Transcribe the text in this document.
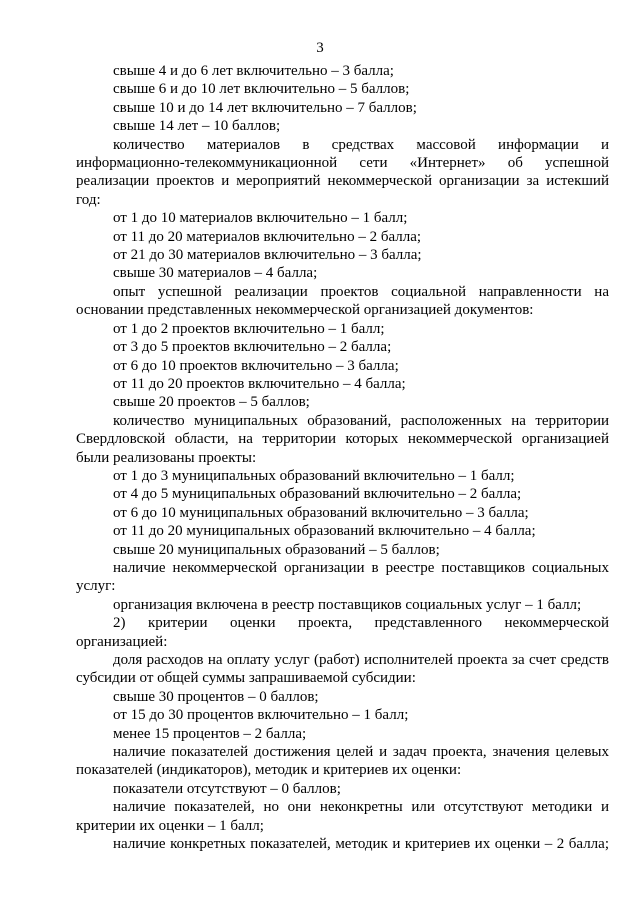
3

свыше 4 и до 6 лет включительно – 3 балла;

свыше 6 и до 10 лет включительно – 5 баллов;

свыше 10 и до 14 лет включительно – 7 баллов;

свыше 14 лет – 10 баллов;

количество материалов в средствах массовой информации и информационно-телекоммуникационной сети «Интернет» об успешной реализации проектов и мероприятий некоммерческой организации за истекший год:

от 1 до 10 материалов включительно – 1 балл;

от 11 до 20 материалов включительно – 2 балла;

от 21 до 30 материалов включительно – 3 балла;

свыше 30 материалов – 4 балла;

опыт успешной реализации проектов социальной направленности на основании представленных некоммерческой организацией документов:

от 1 до 2 проектов включительно – 1 балл;

от 3 до 5 проектов включительно – 2 балла;

от 6 до 10 проектов включительно – 3 балла;

от 11 до 20 проектов включительно – 4 балла;

свыше 20 проектов – 5 баллов;

количество муниципальных образований, расположенных на территории Свердловской области, на территории которых некоммерческой организацией были реализованы проекты:

от 1 до 3 муниципальных образований включительно – 1 балл;

от 4 до 5 муниципальных образований включительно – 2 балла;

от 6 до 10 муниципальных образований включительно – 3 балла;

от 11 до 20 муниципальных образований включительно – 4 балла;

свыше 20 муниципальных образований – 5 баллов;

наличие некоммерческой организации в реестре поставщиков социальных услуг:

организация включена в реестр поставщиков социальных услуг – 1 балл;

2) критерии оценки проекта, представленного некоммерческой организацией:

доля расходов на оплату услуг (работ) исполнителей проекта за счет средств субсидии от общей суммы запрашиваемой субсидии:

свыше 30 процентов – 0 баллов;

от 15 до 30 процентов включительно – 1 балл;

менее 15 процентов – 2 балла;

наличие показателей достижения целей и задач проекта, значения целевых показателей (индикаторов), методик и критериев их оценки:

показатели отсутствуют – 0 баллов;

наличие показателей, но они неконкретны или отсутствуют методики и критерии их оценки – 1 балл;

наличие конкретных показателей, методик и критериев их оценки – 2 балла;
